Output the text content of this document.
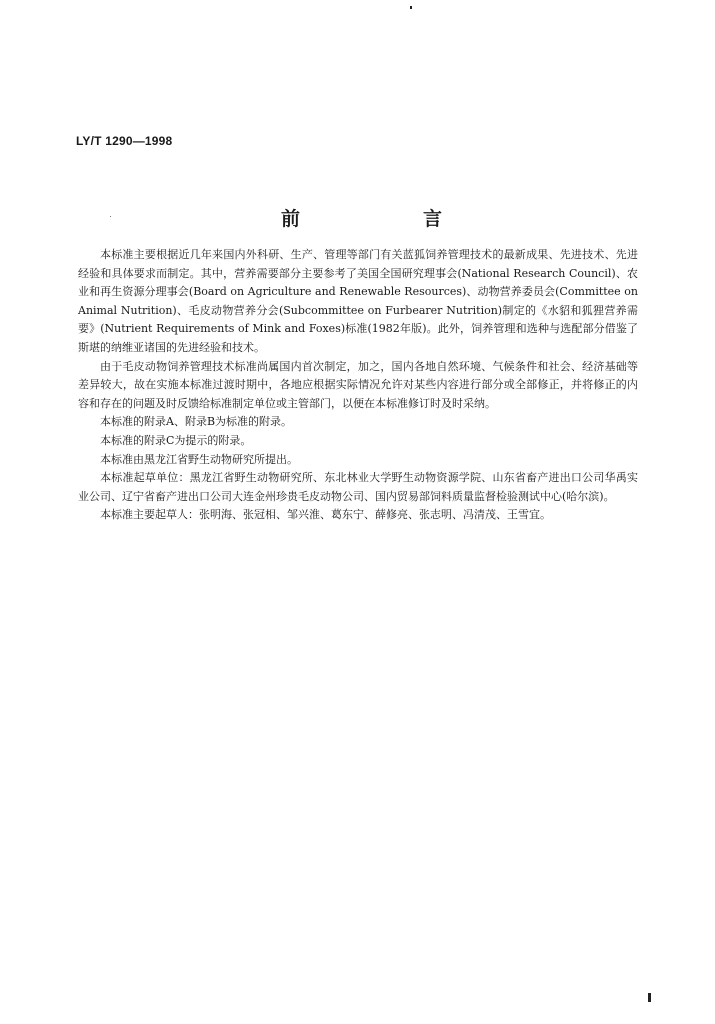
LY/T 1290—1998
前　言

本标准主要根据近几年来国内外科研、生产、管理等部门有关蓝狐饲养管理技术的最新成果、先进技术、先进经验和具体要求而制定。其中，营养需要部分主要参考了美国全国研究理事会(National Research Council)、农业和再生资源分理事会(Board on Agriculture and Renewable Resources)、动物营养委员会(Committee on Animal Nutrition)、毛皮动物营养分会(Subcommittee on Furbearer Nutrition)制定的《水貂和狐狸营养需要》(Nutrient Requirements of Mink and Foxes)标准(1982年版)。此外，饲养管理和选种与选配部分借鉴了斯堪的纳维亚诸国的先进经验和技术。

由于毛皮动物饲养管理技术标准尚属国内首次制定，加之，国内各地自然环境、气候条件和社会、经济基础等差异较大，故在实施本标准过渡时期中，各地应根据实际情况允许对某些内容进行部分或全部修正，并将修正的内容和存在的问题及时反馈给标准制定单位或主管部门，以便在本标准修订时及时采纳。

本标准的附录A、附录B为标准的附录。

本标准的附录C为提示的附录。

本标准由黑龙江省野生动物研究所提出。

本标准起草单位：黑龙江省野生动物研究所、东北林业大学野生动物资源学院、山东省畜产进出口公司华禹实业公司、辽宁省畜产进出口公司大连金州珍贵毛皮动物公司、国内贸易部饲料质量监督检验测试中心(哈尔滨)。

本标准主要起草人：张明海、张冠相、邹兴淮、葛东宁、薛修亮、张志明、冯清茂、王雪宜。
